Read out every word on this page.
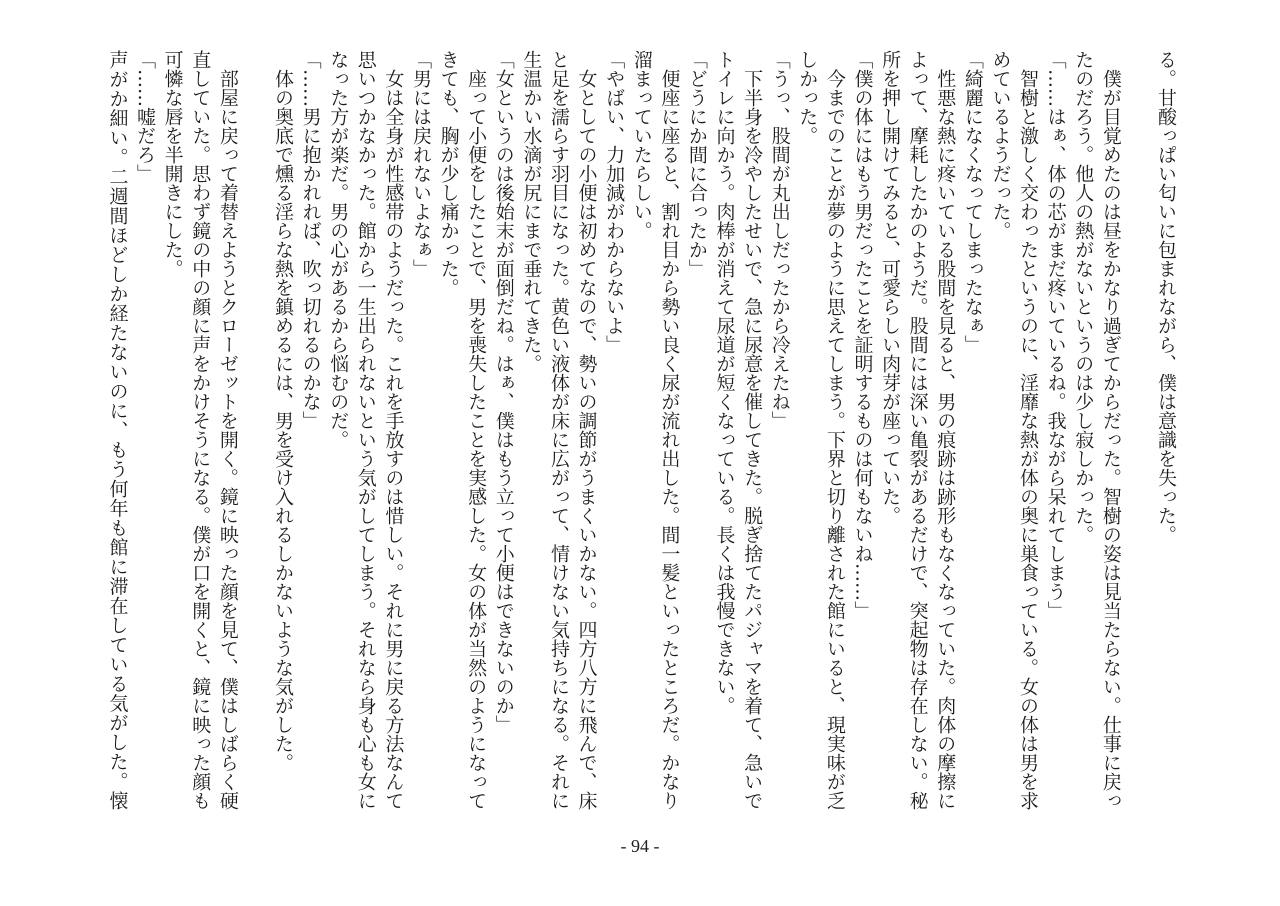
る。甘酸っぱい匂いに包まれながら、僕は意識を失った。

　僕が目覚めたのは昼をかなり過ぎてからだった。智樹の姿は見当たらない。仕事に戻っ
たのだろう。他人の熱がないというのは少し寂しかった。
「……はぁ、体の芯がまだ疼いているね。我ながら呆れてしまう」
　智樹と激しく交わったというのに、淫靡な熱が体の奥に巣食っている。女の体は男を求
めているようだった。
「綺麗になくなってしまったなぁ」
　性悪な熱に疼いている股間を見ると、男の痕跡は跡形もなくなっていた。肉体の摩擦に
よって、摩耗したかのようだ。股間には深い亀裂があるだけで、突起物は存在しない。秘
所を押し開けてみると、可愛らしい肉芽が座っていた。
「僕の体にはもう男だったことを証明するものは何もないね……」
　今までのことが夢のように思えてしまう。下界と切り離された館にいると、現実味が乏
しかった。
「うっ、股間が丸出しだったから冷えたね」
　下半身を冷やしたせいで、急に尿意を催してきた。脱ぎ捨てたパジャマを着て、急いで
トイレに向かう。肉棒が消えて尿道が短くなっている。長くは我慢できない。
「どうにか間に合ったか」
　便座に座ると、割れ目から勢い良く尿が流れ出した。間一髪といったところだ。かなり
溜まっていたらしい。
「やばい、力加減がわからないよ」
　女としての小便は初めてなので、勢いの調節がうまくいかない。四方八方に飛んで、床
と足を濡らす羽目になった。黄色い液体が床に広がって、情けない気持ちになる。それに
生温かい水滴が尻にまで垂れてきた。
「女というのは後始末が面倒だね。はぁ、僕はもう立って小便はできないのか」
　座って小便をしたことで、男を喪失したことを実感した。女の体が当然のようになって
きても、胸が少し痛かった。
「男には戻れないよなぁ」
　女は全身が性感帯のようだった。これを手放すのは惜しい。それに男に戻る方法なんて
思いつかなかった。館から一生出られないという気がしてしまう。それなら身も心も女に
なった方が楽だ。男の心があるから悩むのだ。
「……男に抱かれれば、吹っ切れるのかな」
　体の奥底で燻る淫らな熱を鎮めるには、男を受け入れるしかないような気がした。

　部屋に戻って着替えようとクローゼットを開く。鏡に映った顔を見て、僕はしばらく硬
直していた。思わず鏡の中の顔に声をかけそうになる。僕が口を開くと、鏡に映った顔も
可憐な唇を半開きにした。
「……嘘だろ」
声がか細い。二週間ほどしか経たないのに、もう何年も館に滞在している気がした。懐
- 94 -
